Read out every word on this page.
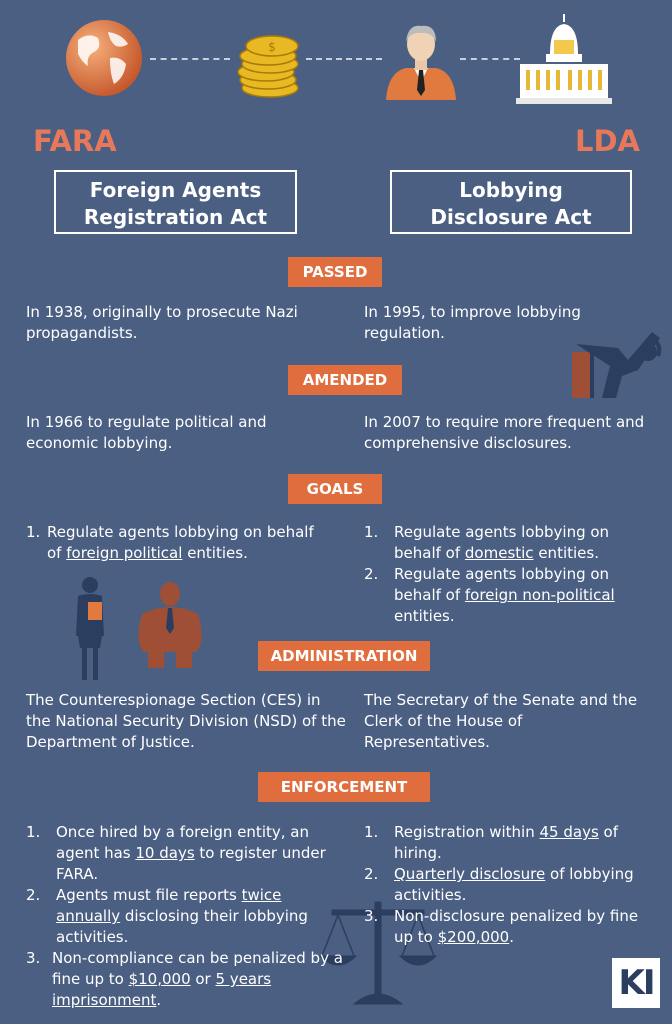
$
FARA	LDA
Foreign Agents
Registration Act
Lobbying
Disclosure Act
PASSED
In 1938, originally to prosecute Nazi propagandists.
In 1995, to improve lobbying regulation.
AMENDED
In 1966 to regulate political and economic lobbying.
In 2007 to require more frequent and comprehensive disclosures.
GOALS
1. Regulate agents lobbying on behalf of foreign political entities.
1. Regulate agents lobbying on behalf of domestic entities.
2. Regulate agents lobbying on behalf of foreign non-political entities.
ADMINISTRATION
The Counterespionage Section (CES) in the National Security Division (NSD) of the Department of Justice.
The Secretary of the Senate and the Clerk of the House of Representatives.
ENFORCEMENT
1. Once hired by a foreign entity, an agent has 10 days to register under FARA.
2. Agents must file reports twice annually disclosing their lobbying activities.
3. Non-compliance can be penalized by a fine up to $10,000 or 5 years imprisonment.
1. Registration within 45 days of hiring.
2. Quarterly disclosure of lobbying activities.
3. Non-disclosure penalized by fine up to $200,000.
KI
